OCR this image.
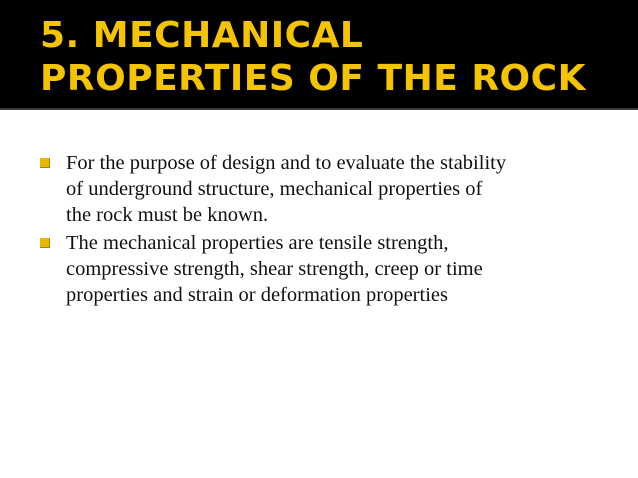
5. MECHANICAL
PROPERTIES OF THE ROCK
For the purpose of design and to evaluate the stability
of underground structure, mechanical properties of
the rock must be known.
The mechanical properties are tensile strength,
compressive strength, shear strength, creep or time
properties and strain or deformation properties
